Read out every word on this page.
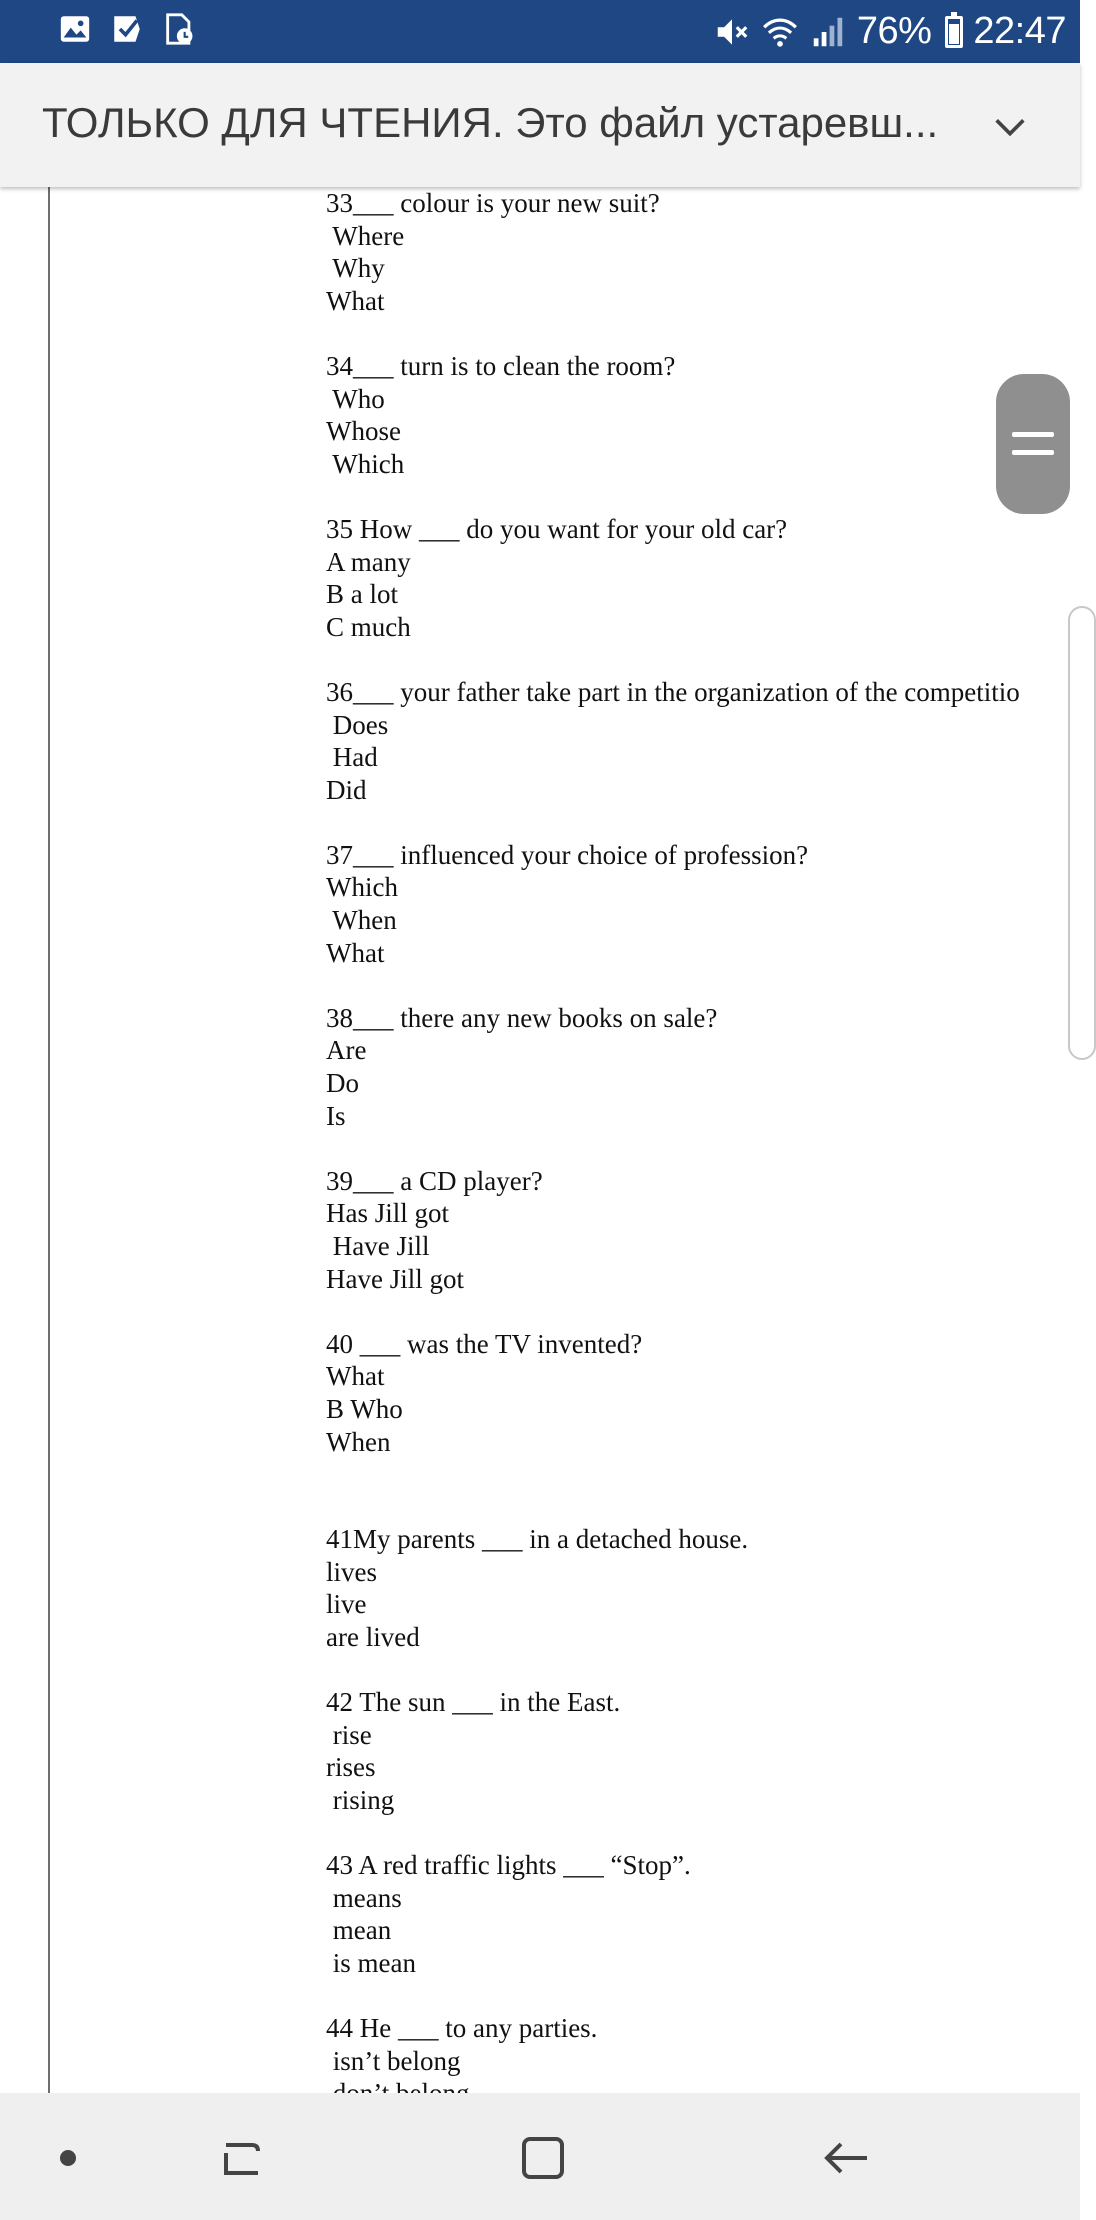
76% 22:47
ТОЛЬКО ДЛЯ ЧТЕНИЯ. Это файл устаревш...
33___ colour is your new suit?
Where
Why
What
34___ turn is to clean the room?
Who
Whose
Which
35 How ___ do you want for your old car?
A many
B a lot
C much
36___ your father take part in the organization of the competitio
Does
Had
Did
37___ influenced your choice of profession?
Which
When
What
38___ there any new books on sale?
Are
Do
Is
39___ a CD player?
Has Jill got
Have Jill
Have Jill got
40 ___ was the TV invented?
What
B Who
When
41My parents ___ in a detached house.
lives
live
are lived
42 The sun ___ in the East.
rise
rises
rising
43 A red traffic lights ___ “Stop”.
means
mean
is mean
44 He ___ to any parties.
isn’t belong
